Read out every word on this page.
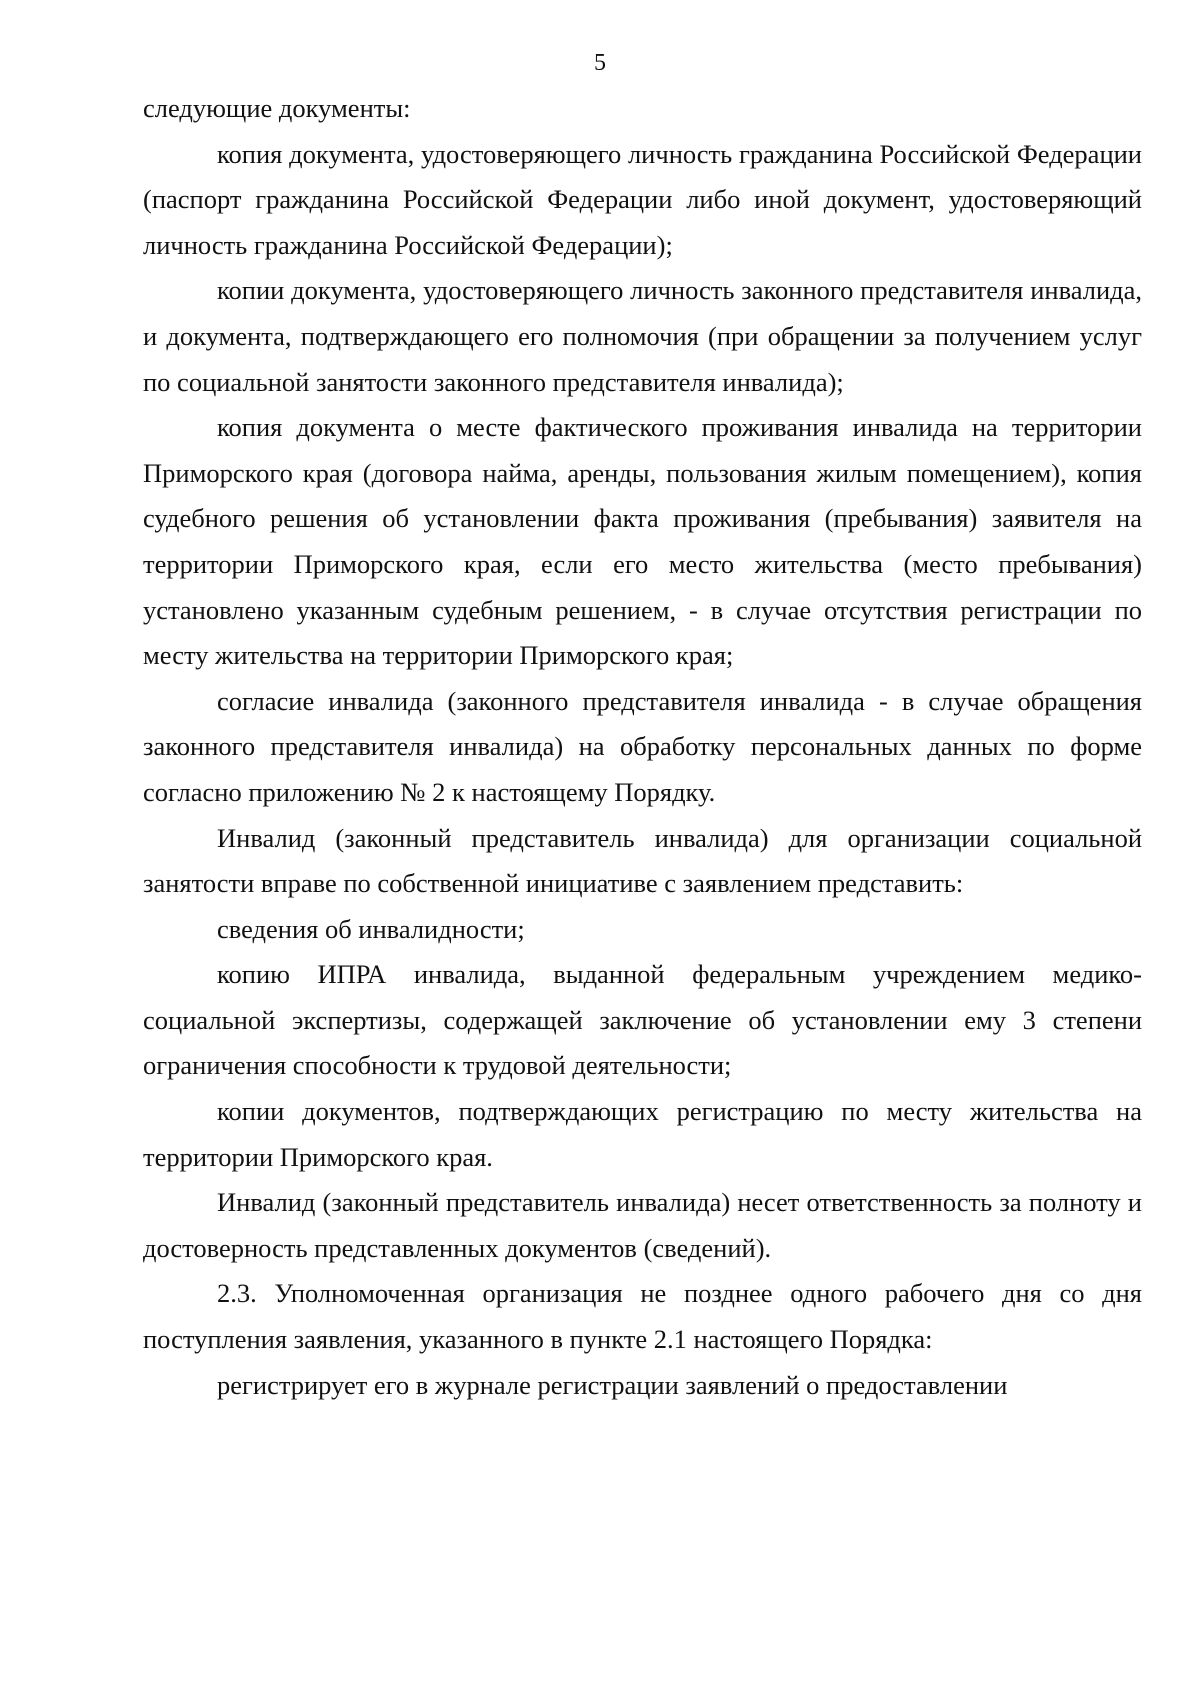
5

следующие документы:

копия документа, удостоверяющего личность гражданина Российской Федерации (паспорт гражданина Российской Федерации либо иной документ, удостоверяющий личность гражданина Российской Федерации);

копии документа, удостоверяющего личность законного представителя инвалида, и документа, подтверждающего его полномочия (при обращении за получением услуг по социальной занятости законного представителя инвалида);

копия документа о месте фактического проживания инвалида на территории Приморского края (договора найма, аренды, пользования жилым помещением), копия судебного решения об установлении факта проживания (пребывания) заявителя на территории Приморского края, если его место жительства (место пребывания) установлено указанным судебным решением, - в случае отсутствия регистрации по месту жительства на территории Приморского края;

согласие инвалида (законного представителя инвалида - в случае обращения законного представителя инвалида) на обработку персональных данных по форме согласно приложению № 2 к настоящему Порядку.

Инвалид (законный представитель инвалида) для организации социальной занятости вправе по собственной инициативе с заявлением представить:

сведения об инвалидности;

копию ИПРА инвалида, выданной федеральным учреждением медико-социальной экспертизы, содержащей заключение об установлении ему 3 степени ограничения способности к трудовой деятельности;

копии документов, подтверждающих регистрацию по месту жительства на территории Приморского края.

Инвалид (законный представитель инвалида) несет ответственность за полноту и достоверность представленных документов (сведений).

2.3. Уполномоченная организация не позднее одного рабочего дня со дня поступления заявления, указанного в пункте 2.1 настоящего Порядка:

регистрирует его в журнале регистрации заявлений о предоставлении
